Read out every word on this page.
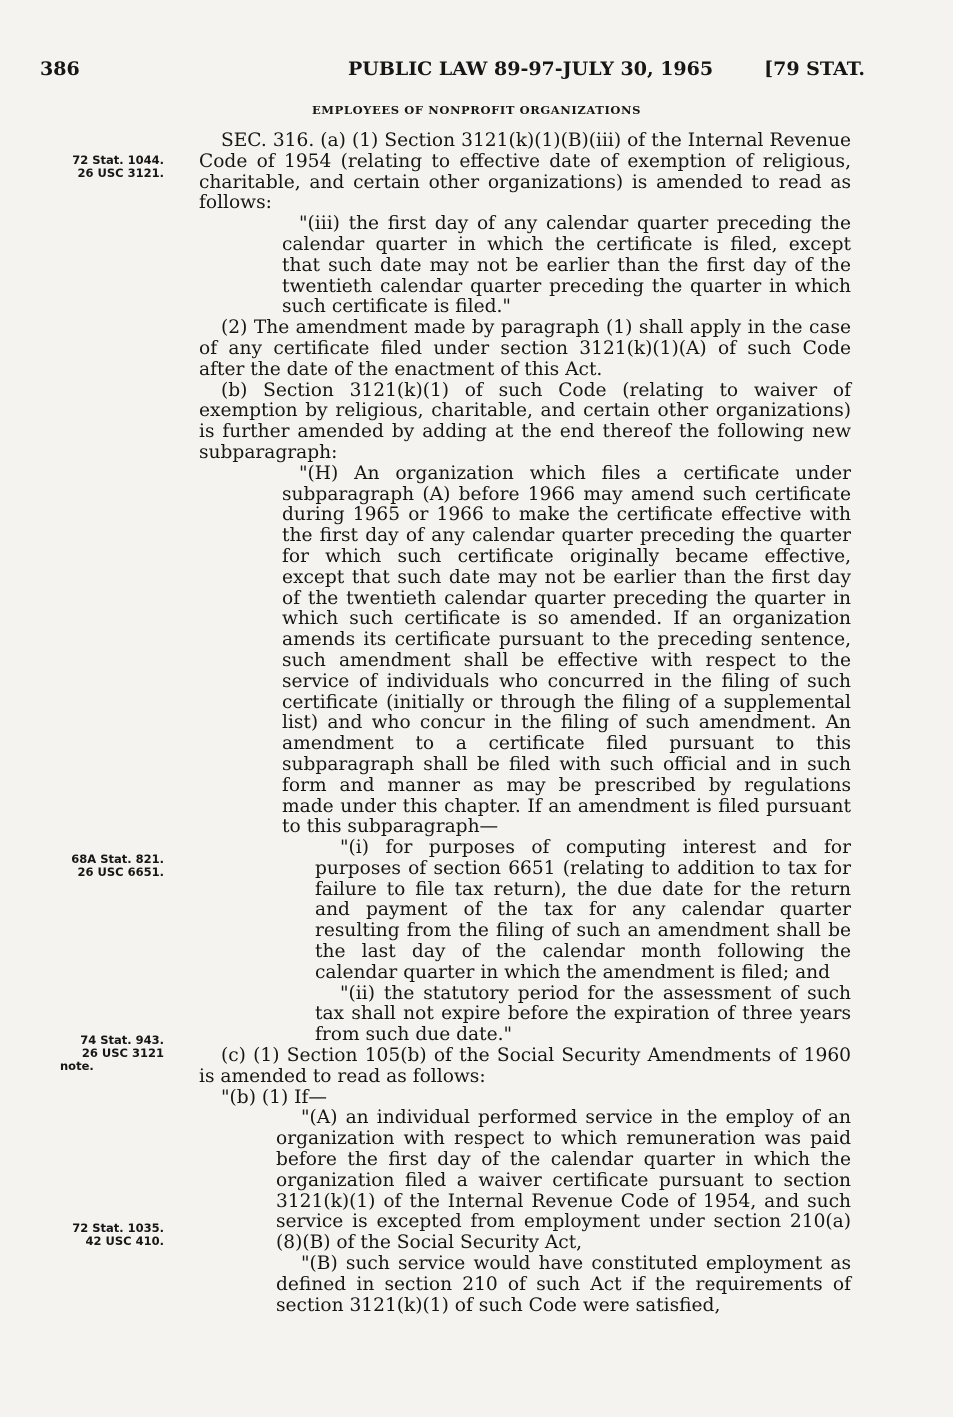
386	PUBLIC LAW 89-97-JULY 30, 1965	[79 STAT.
EMPLOYEES OF NONPROFIT ORGANIZATIONS
72 Stat. 1044.
26 USC 3121.
68A Stat. 821.
26 USC 6651.
74 Stat. 943.
26 USC 3121
note.
72 Stat. 1035.
42 USC 410.

SEC. 316. (a) (1) Section 3121(k)(1)(B)(iii) of the Internal Revenue Code of 1954 (relating to effective date of exemption of religious, charitable, and certain other organizations) is amended to read as follows:

"(iii) the first day of any calendar quarter preceding the calendar quarter in which the certificate is filed, except that such date may not be earlier than the first day of the twentieth calendar quarter preceding the quarter in which such certificate is filed."

(2) The amendment made by paragraph (1) shall apply in the case of any certificate filed under section 3121(k)(1)(A) of such Code after the date of the enactment of this Act.

(b) Section 3121(k)(1) of such Code (relating to waiver of exemption by religious, charitable, and certain other organizations) is further amended by adding at the end thereof the following new subparagraph:

"(H) An organization which files a certificate under subparagraph (A) before 1966 may amend such certificate during 1965 or 1966 to make the certificate effective with the first day of any calendar quarter preceding the quarter for which such certificate originally became effective, except that such date may not be earlier than the first day of the twentieth calendar quarter preceding the quarter in which such certificate is so amended. If an organization amends its certificate pursuant to the preceding sentence, such amendment shall be effective with respect to the service of individuals who concurred in the filing of such certificate (initially or through the filing of a supplemental list) and who concur in the filing of such amendment. An amendment to a certificate filed pursuant to this subparagraph shall be filed with such official and in such form and manner as may be prescribed by regulations made under this chapter. If an amendment is filed pursuant to this subparagraph—

"(i) for purposes of computing interest and for purposes of section 6651 (relating to addition to tax for failure to file tax return), the due date for the return and payment of the tax for any calendar quarter resulting from the filing of such an amendment shall be the last day of the calendar month following the calendar quarter in which the amendment is filed; and

"(ii) the statutory period for the assessment of such tax shall not expire before the expiration of three years from such due date."

(c) (1) Section 105(b) of the Social Security Amendments of 1960 is amended to read as follows:

"(b) (1) If—

"(A) an individual performed service in the employ of an organization with respect to which remuneration was paid before the first day of the calendar quarter in which the organization filed a waiver certificate pursuant to section 3121(k)(1) of the Internal Revenue Code of 1954, and such service is excepted from employment under section 210(a)(8)(B) of the Social Security Act,

"(B) such service would have constituted employment as defined in section 210 of such Act if the requirements of section 3121(k)(1) of such Code were satisfied,
